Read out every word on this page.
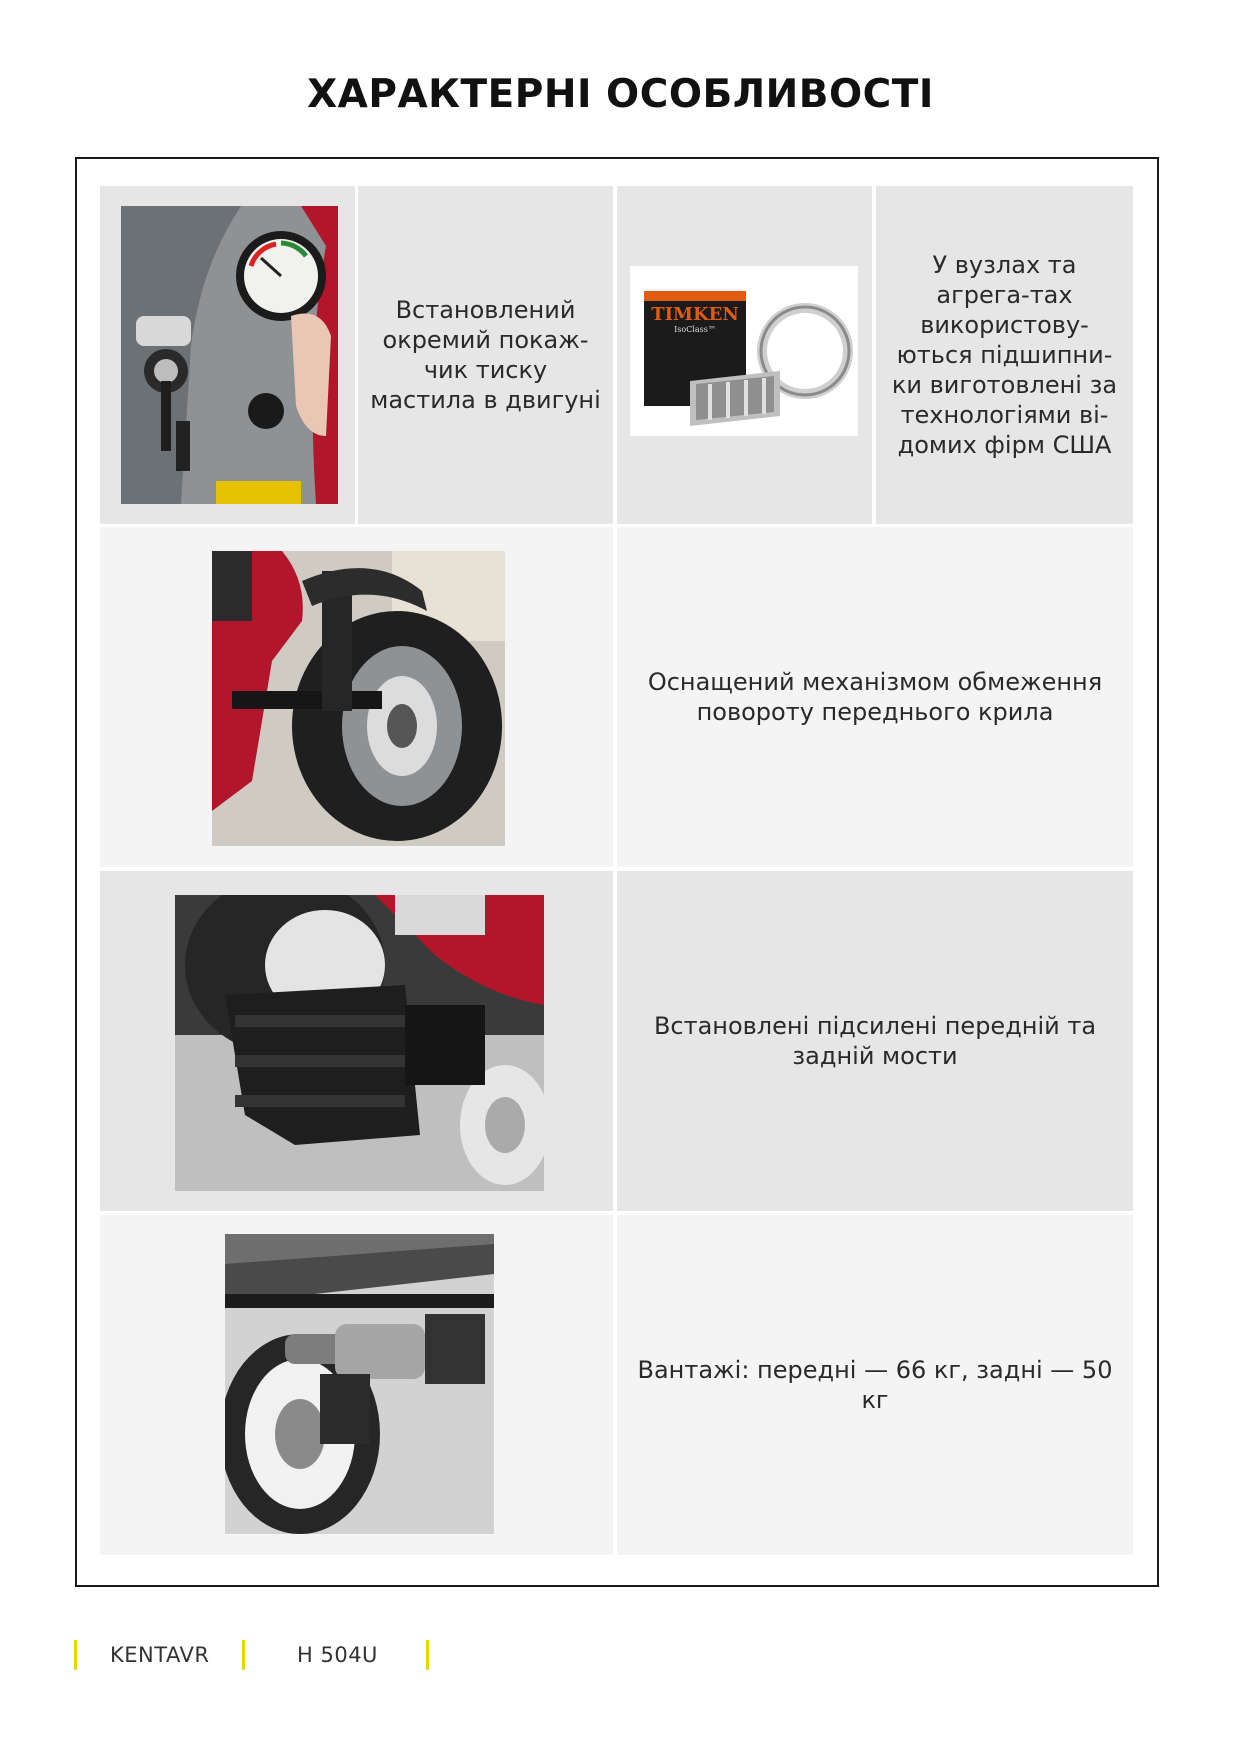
ХАРАКТЕРНІ ОСОБЛИВОСТІ
Встановлений окремий покаж-чик тиску мастила в двигуні
TIMKEN
IsoClass™
У вузлах та агрега-тах використову-ються підшипни-ки виготовлені за технологіями ві-домих фірм США
Оснащений механізмом обмеження повороту переднього крила
Встановлені підсилені передній та задній мости
Вантажі: передні — 66 кг, задні — 50 кг
KENTAVR	H 504U
